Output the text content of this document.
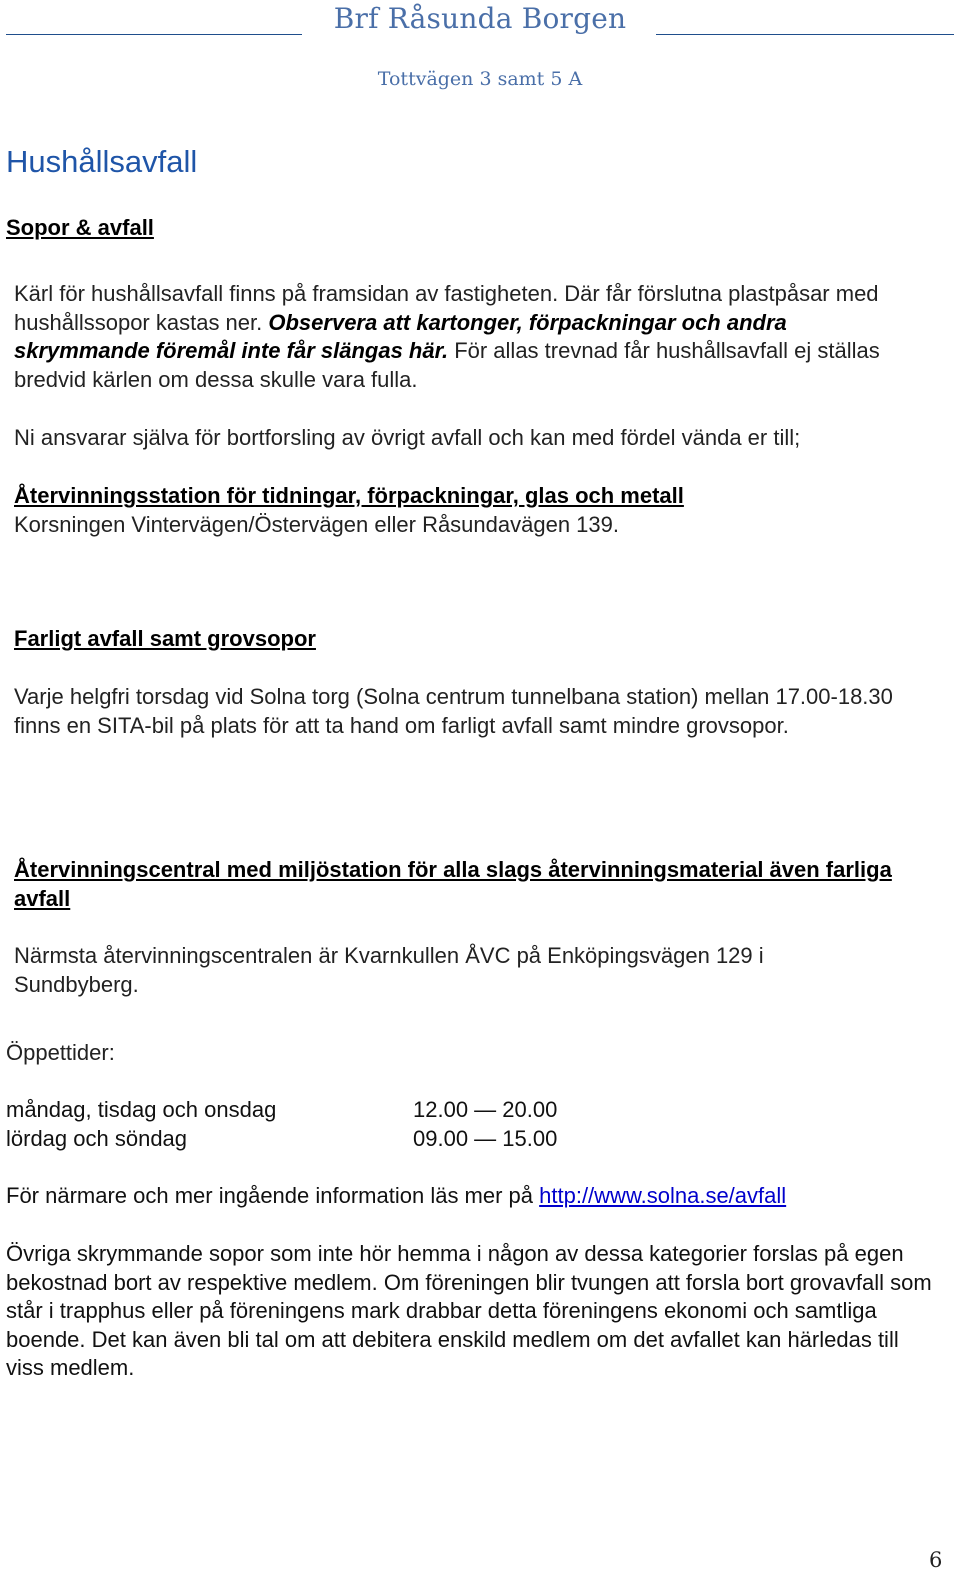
Brf Råsunda Borgen
Tottvägen 3 samt 5 A
Hushållsavfall
Sopor & avfall

Kärl för hushållsavfall finns på framsidan av fastigheten. Där får förslutna plastpåsar med hushållssopor kastas ner. Observera att kartonger, förpackningar och andra skrymmande föremål inte får slängas här. För allas trevnad får hushållsavfall ej ställas bredvid kärlen om dessa skulle vara fulla.

Ni ansvarar själva för bortforsling av övrigt avfall och kan med fördel vända er till;

Återvinningsstation för tidningar, förpackningar, glas och metall

Korsningen Vintervägen/Östervägen eller Råsundavägen 139.

Farligt avfall samt grovsopor

Varje helgfri torsdag vid Solna torg (Solna centrum tunnelbana station) mellan 17.00-18.30 finns en SITA-bil på plats för att ta hand om farligt avfall samt mindre grovsopor.

Återvinningscentral med miljöstation för alla slags återvinningsmaterial även farliga avfall

Närmsta återvinningscentralen är Kvarnkullen ÅVC på Enköpingsvägen 129 i Sundbyberg.

Öppettider:
måndag, tisdag och onsdag	12.00 — 20.00
lördag och söndag	09.00 — 15.00

För närmare och mer ingående information läs mer på http://www.solna.se/avfall

Övriga skrymmande sopor som inte hör hemma i någon av dessa kategorier forslas på egen bekostnad bort av respektive medlem. Om föreningen blir tvungen att forsla bort grovavfall som står i trapphus eller på föreningens mark drabbar detta föreningens ekonomi och samtliga boende. Det kan även bli tal om att debitera enskild medlem om det avfallet kan härledas till viss medlem.

6
